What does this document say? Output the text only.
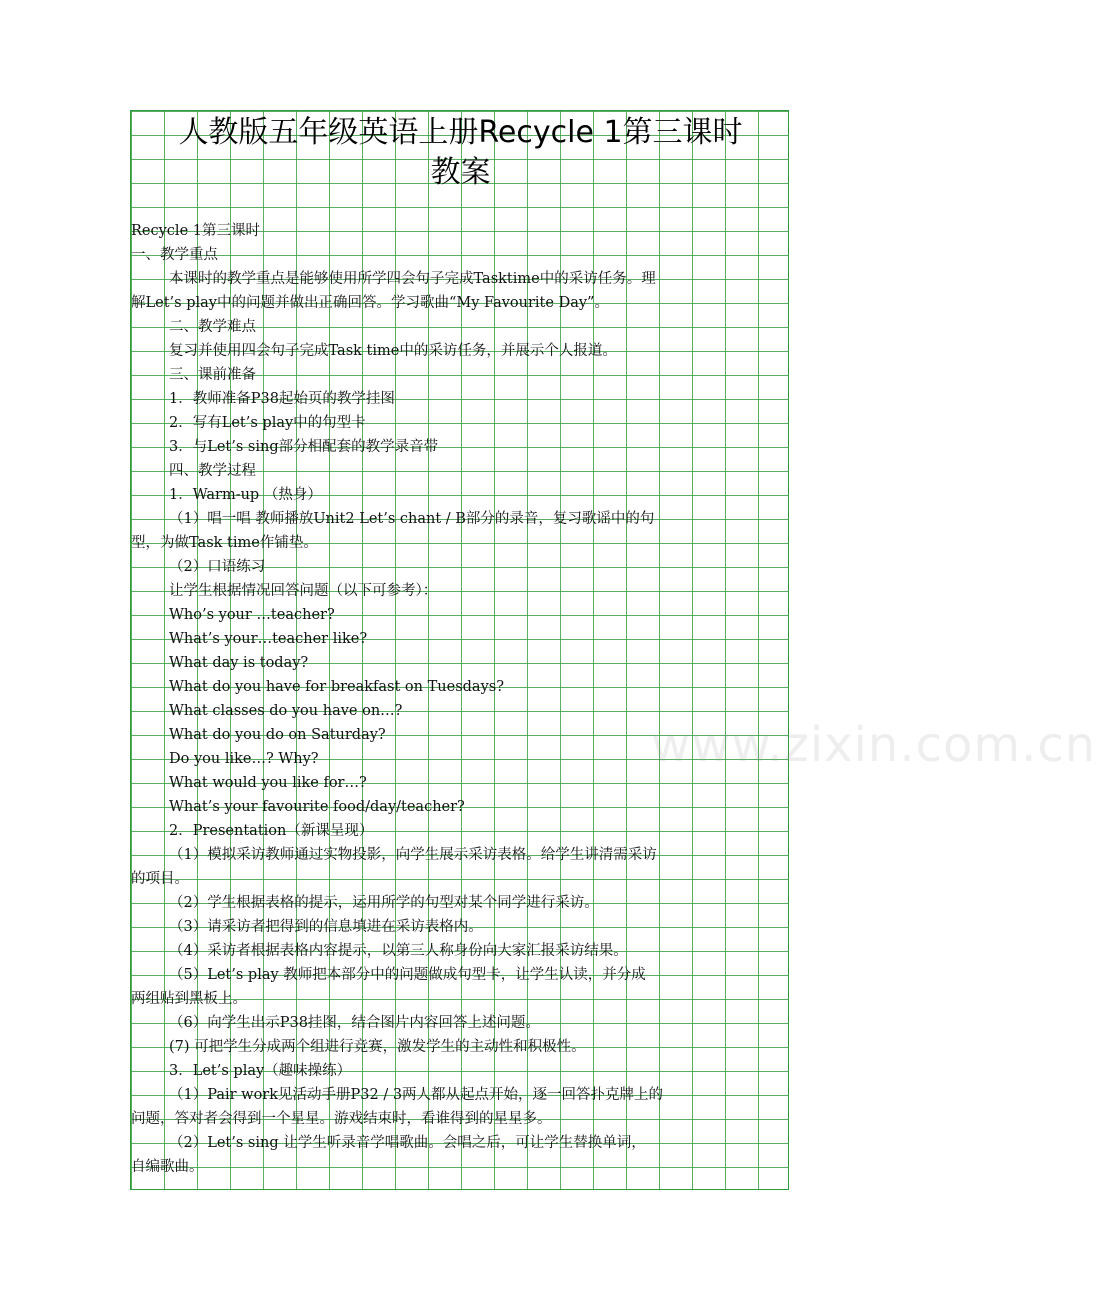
人教版五年级英语上册Recycle 1第三课时
教案
www.zixin.com.cn
Recycle 1第三课时
一、教学重点
本课时的教学重点是能够使用所学四会句子完成Tasktime中的采访任务。理
解Let’s play中的问题并做出正确回答。学习歌曲“My Favourite Day”。
二、教学难点
复习并使用四会句子完成Task time中的采访任务，并展示个人报道。
三、课前准备
1．教师准备P38起始页的教学挂图
2．写有Let’s play中的句型卡
3．与Let’s sing部分相配套的教学录音带
四、教学过程
1．Warm-up （热身）
（1）唱一唱 教师播放Unit2 Let’s chant / B部分的录音，复习歌谣中的句
型，为做Task time作铺垫。
（2）口语练习
让学生根据情况回答问题（以下可参考）：
Who’s your …teacher?
What’s your…teacher like?
What day is today?
What do you have for breakfast on Tuesdays?
What classes do you have on…?
What do you do on Saturday?
Do you like…? Why?
What would you like for…?
What’s your favourite food/day/teacher?
2．Presentation（新课呈现）
（1）模拟采访教师通过实物投影，向学生展示采访表格。给学生讲清需采访
的项目。
（2）学生根据表格的提示，运用所学的句型对某个同学进行采访。
（3）请采访者把得到的信息填进在采访表格内。
（4）采访者根据表格内容提示，以第三人称身份向大家汇报采访结果。
（5）Let’s play 教师把本部分中的问题做成句型卡，让学生认读，并分成
两组贴到黑板上。
（6）向学生出示P38挂图，结合图片内容回答上述问题。
(7) 可把学生分成两个组进行竞赛，激发学生的主动性和积极性。
3．Let’s play（趣味操练）
（1）Pair work见活动手册P32 / 3两人都从起点开始，逐一回答扑克牌上的
问题，答对者会得到一个星星。游戏结束时，看谁得到的星星多。
（2）Let’s sing 让学生听录音学唱歌曲。会唱之后，可让学生替换单词，
自编歌曲。
